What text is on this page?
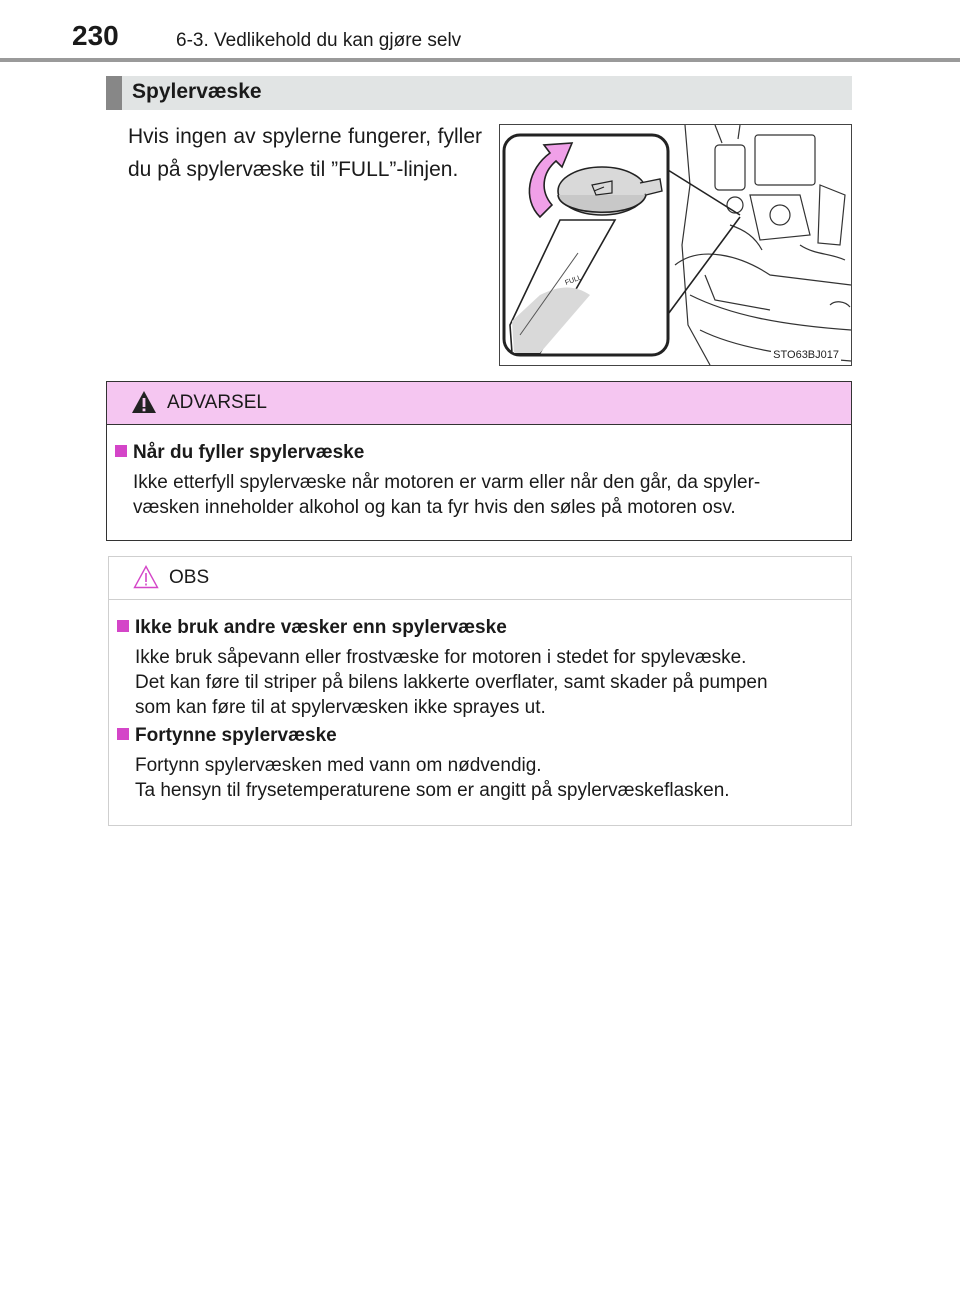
230	6-3. Vedlikehold du kan gjøre selv
Spylervæske
Hvis ingen av spylerne fungerer, fyller du på spylervæske til ”FULL”-linjen.
FULL
STO63BJ017
ADVARSEL
Når du fyller spylervæske
Ikke etterfyll spylervæske når motoren er varm eller når den går, da spyler-
væsken inneholder alkohol og kan ta fyr hvis den søles på motoren osv.
OBS
Ikke bruk andre væsker enn spylervæske
Ikke bruk såpevann eller frostvæske for motoren i stedet for spylevæske.
Det kan føre til striper på bilens lakkerte overflater, samt skader på pumpen
som kan føre til at spylervæsken ikke sprayes ut.
Fortynne spylervæske
Fortynn spylervæsken med vann om nødvendig.
Ta hensyn til frysetemperaturene som er angitt på spylervæskeflasken.
